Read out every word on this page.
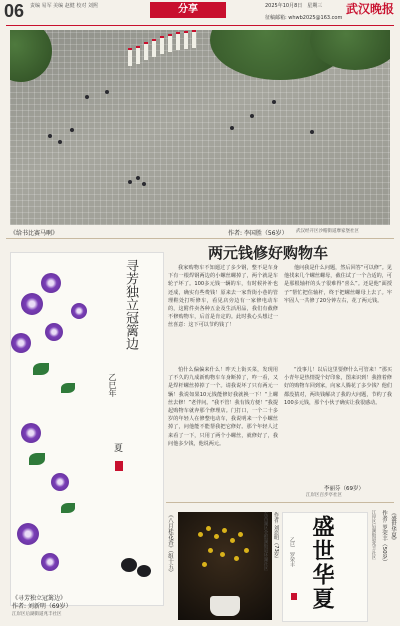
06 责编 易军 美编 赵健 校对 刘熙	分享	2025年10月8日　星期三
征稿邮箱: whwb2025@163.com
武汉晚报
《给书比赛马啊》	作者: 李国胜（56岁） 武汉经开区沙帽街道摩家堡社区
寻芳独立冠篱边
乙巳年
夏
《寻芳独立冠篱边》
作者: 刘新明（69岁）
江岸区后湖街道兆丰社区
两元钱修好购物车
我家购物车不知遛过了多少钢，整不是车身下有一根焊钢两边的小螺丝螺掉了，两个就是车轮子坏了。100多元钱一辆的车，有时候补补也还成，确实有些费钱！原来去一家背街小巷的管理鞋处打听修车，看见店旁边有一家修电动车的，这附件卖各种五金及生活用品，我们有截修不修购物车，后首是肯定的。此时我心头想过一丝喜意：这下可以节约钱了！
怕什么偏偏来什么！昨天上街买菜，发现用了不久的九成新购物车车身断掉了，咋一看，又是焊杆螺丝掉掉了一个。请我说坏了只有两元一辆！我说如果10元钱能修好我就换一下！“上螺丝去修！”老伴问。“我不管！我有钱方便！”我提起购物车就奔那个修理店。门打口，一个二十多岁的年轻人在修整电动车，我说明来一个小螺丝掉了，问他能不能帮我把它修好。那个年轻人过来看了一下，只用了两个小螺丝，就修好了，我问他多少钱，他说两元。
他问我是什么问题，然后回答“可以修”。见他找来几个螺丝螺母，截住试了一个合适的，可是那根轴杆的头子很难得“喜么”。还是他“面授子”帮忙把住轴杆，终于把螺丝螺母上去了。牢牢固人一共修了20分钟左右，花了两元钱。
“没事儿！以后这里要修什么可管来！”那买小青年是热情提个好印象，图来识到！我推着修好的购物车回到家，向家人腾花了多少钱？他们都没猜对，两块钱解决了我的大问题，节约了我100多元钱，那个小伙子确实让我很感动。
李丽芬（69岁）
江岸区百步亭社区
《八月桂花香》（组十五）	作者: 刘恋明（73岁）
东西湖区金银湖街道环湖社区 盛世华夏
乙巳　罗荣丰
《盛世华夏》
作者: 罗荣丰（50岁）
江岸区后湖街道兆丰社区
